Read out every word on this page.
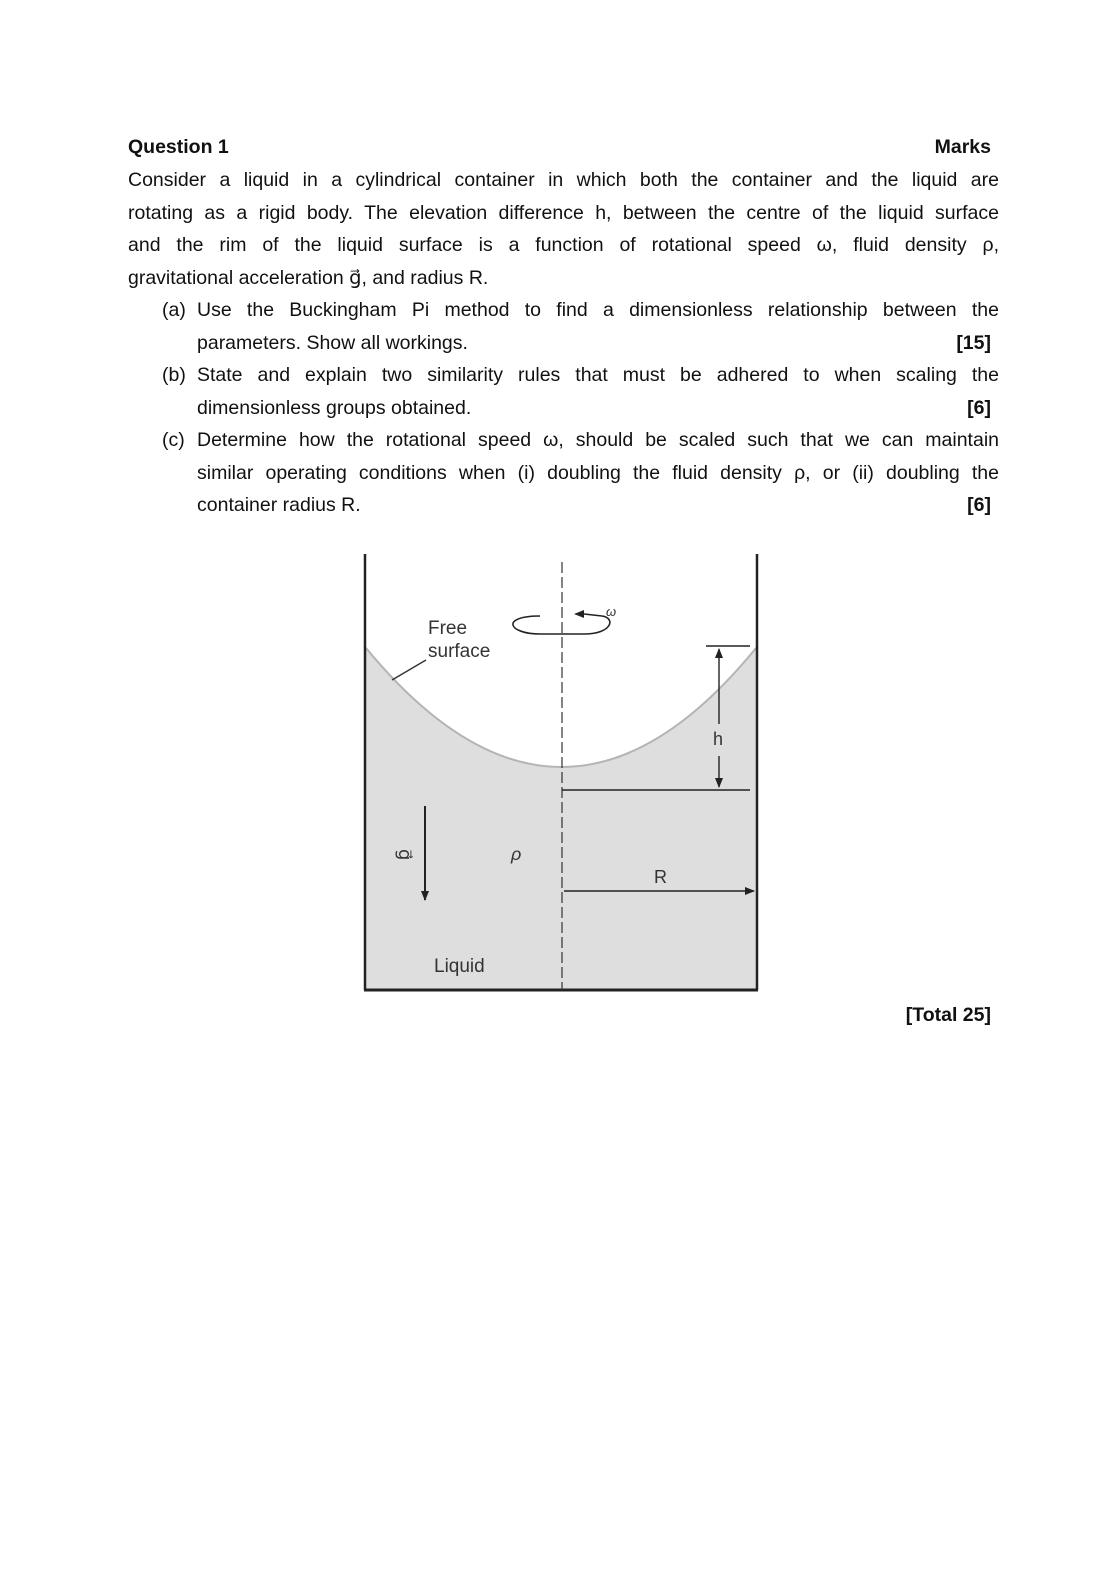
Question 1	Marks
Consider a liquid in a cylindrical container in which both the container and the liquid are
rotating as a rigid body. The elevation difference h, between the centre of the liquid surface
and the rim of the liquid surface is a function of rotational speed ω, fluid density ρ,
gravitational acceleration g⃗, and radius R.
(a) Use the Buckingham Pi method to find a dimensionless relationship between the
parameters. Show all workings.	[15]
(b) State and explain two similarity rules that must be adhered to when scaling the
dimensionless groups obtained.	[6]
(c) Determine how the rotational speed ω, should be scaled such that we can maintain
similar operating conditions when (i) doubling the fluid density ρ, or (ii) doubling the
container radius R.	[6]
ω
Free
surface
h
g⃗	ρ
R
Liquid
[Total 25]
